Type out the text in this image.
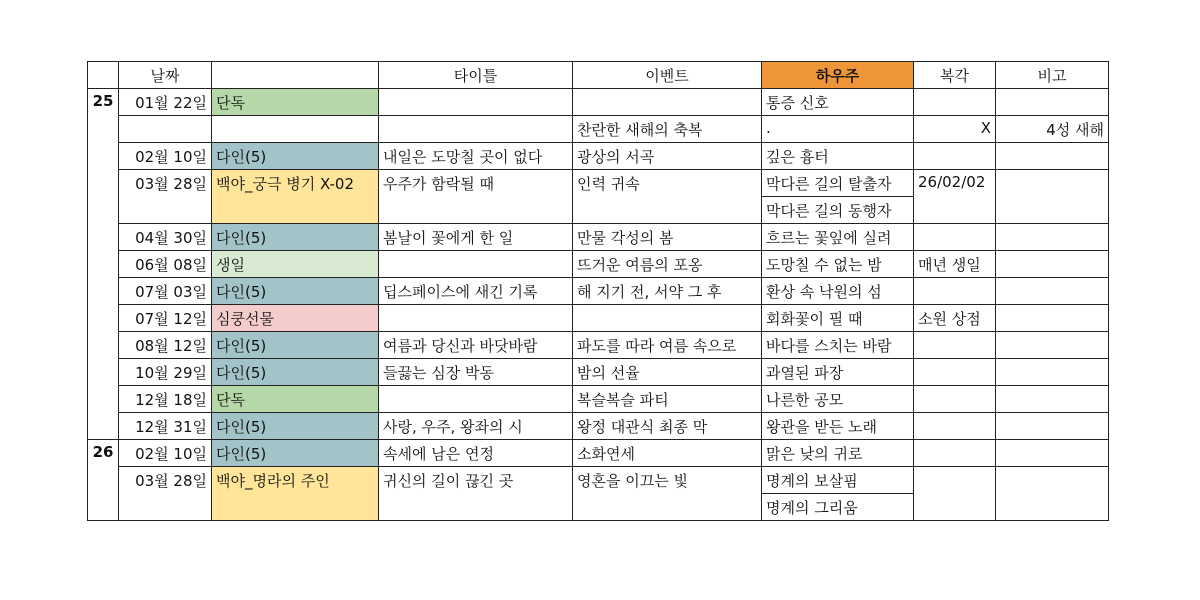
	날짜		타이틀	이벤트	하우주	복각	비고
25	01월 22일	단독			통증 신호		
				찬란한 새해의 축복	.	X	4성 새해
	02월 10일	다인(5)	내일은 도망칠 곳이 없다	광상의 서곡	깊은 흉터		
	03월 28일	백야_궁극 병기 X-02	우주가 함락될 때	인력 귀속	막다른 길의 탈출자	26/02/02	
					막다른 길의 동행자		
	04월 30일	다인(5)	봄날이 꽃에게 한 일	만물 각성의 봄	흐르는 꽃잎에 실려		
	06월 08일	생일		뜨거운 여름의 포옹	도망칠 수 없는 밤	매년 생일	
	07월 03일	다인(5)	딥스페이스에 새긴 기록	해 지기 전, 서약 그 후	환상 속 낙원의 섬		
	07월 12일	심쿵선물			회화꽃이 필 때	소원 상점	
	08월 12일	다인(5)	여름과 당신과 바닷바람	파도를 따라 여름 속으로	바다를 스치는 바람		
	10월 29일	다인(5)	들끓는 심장 박동	밤의 선율	과열된 파장		
	12월 18일	단독		복슬복슬 파티	나른한 공모		
	12월 31일	다인(5)	사랑, 우주, 왕좌의 시	왕정 대관식 최종 막	왕관을 받든 노래		
26	02월 10일	다인(5)	속세에 남은 연정	소화연세	맑은 낮의 귀로		
	03월 28일	백야_명라의 주인	귀신의 길이 끊긴 곳	영혼을 이끄는 빛	명계의 보살핌		
					명계의 그리움		
